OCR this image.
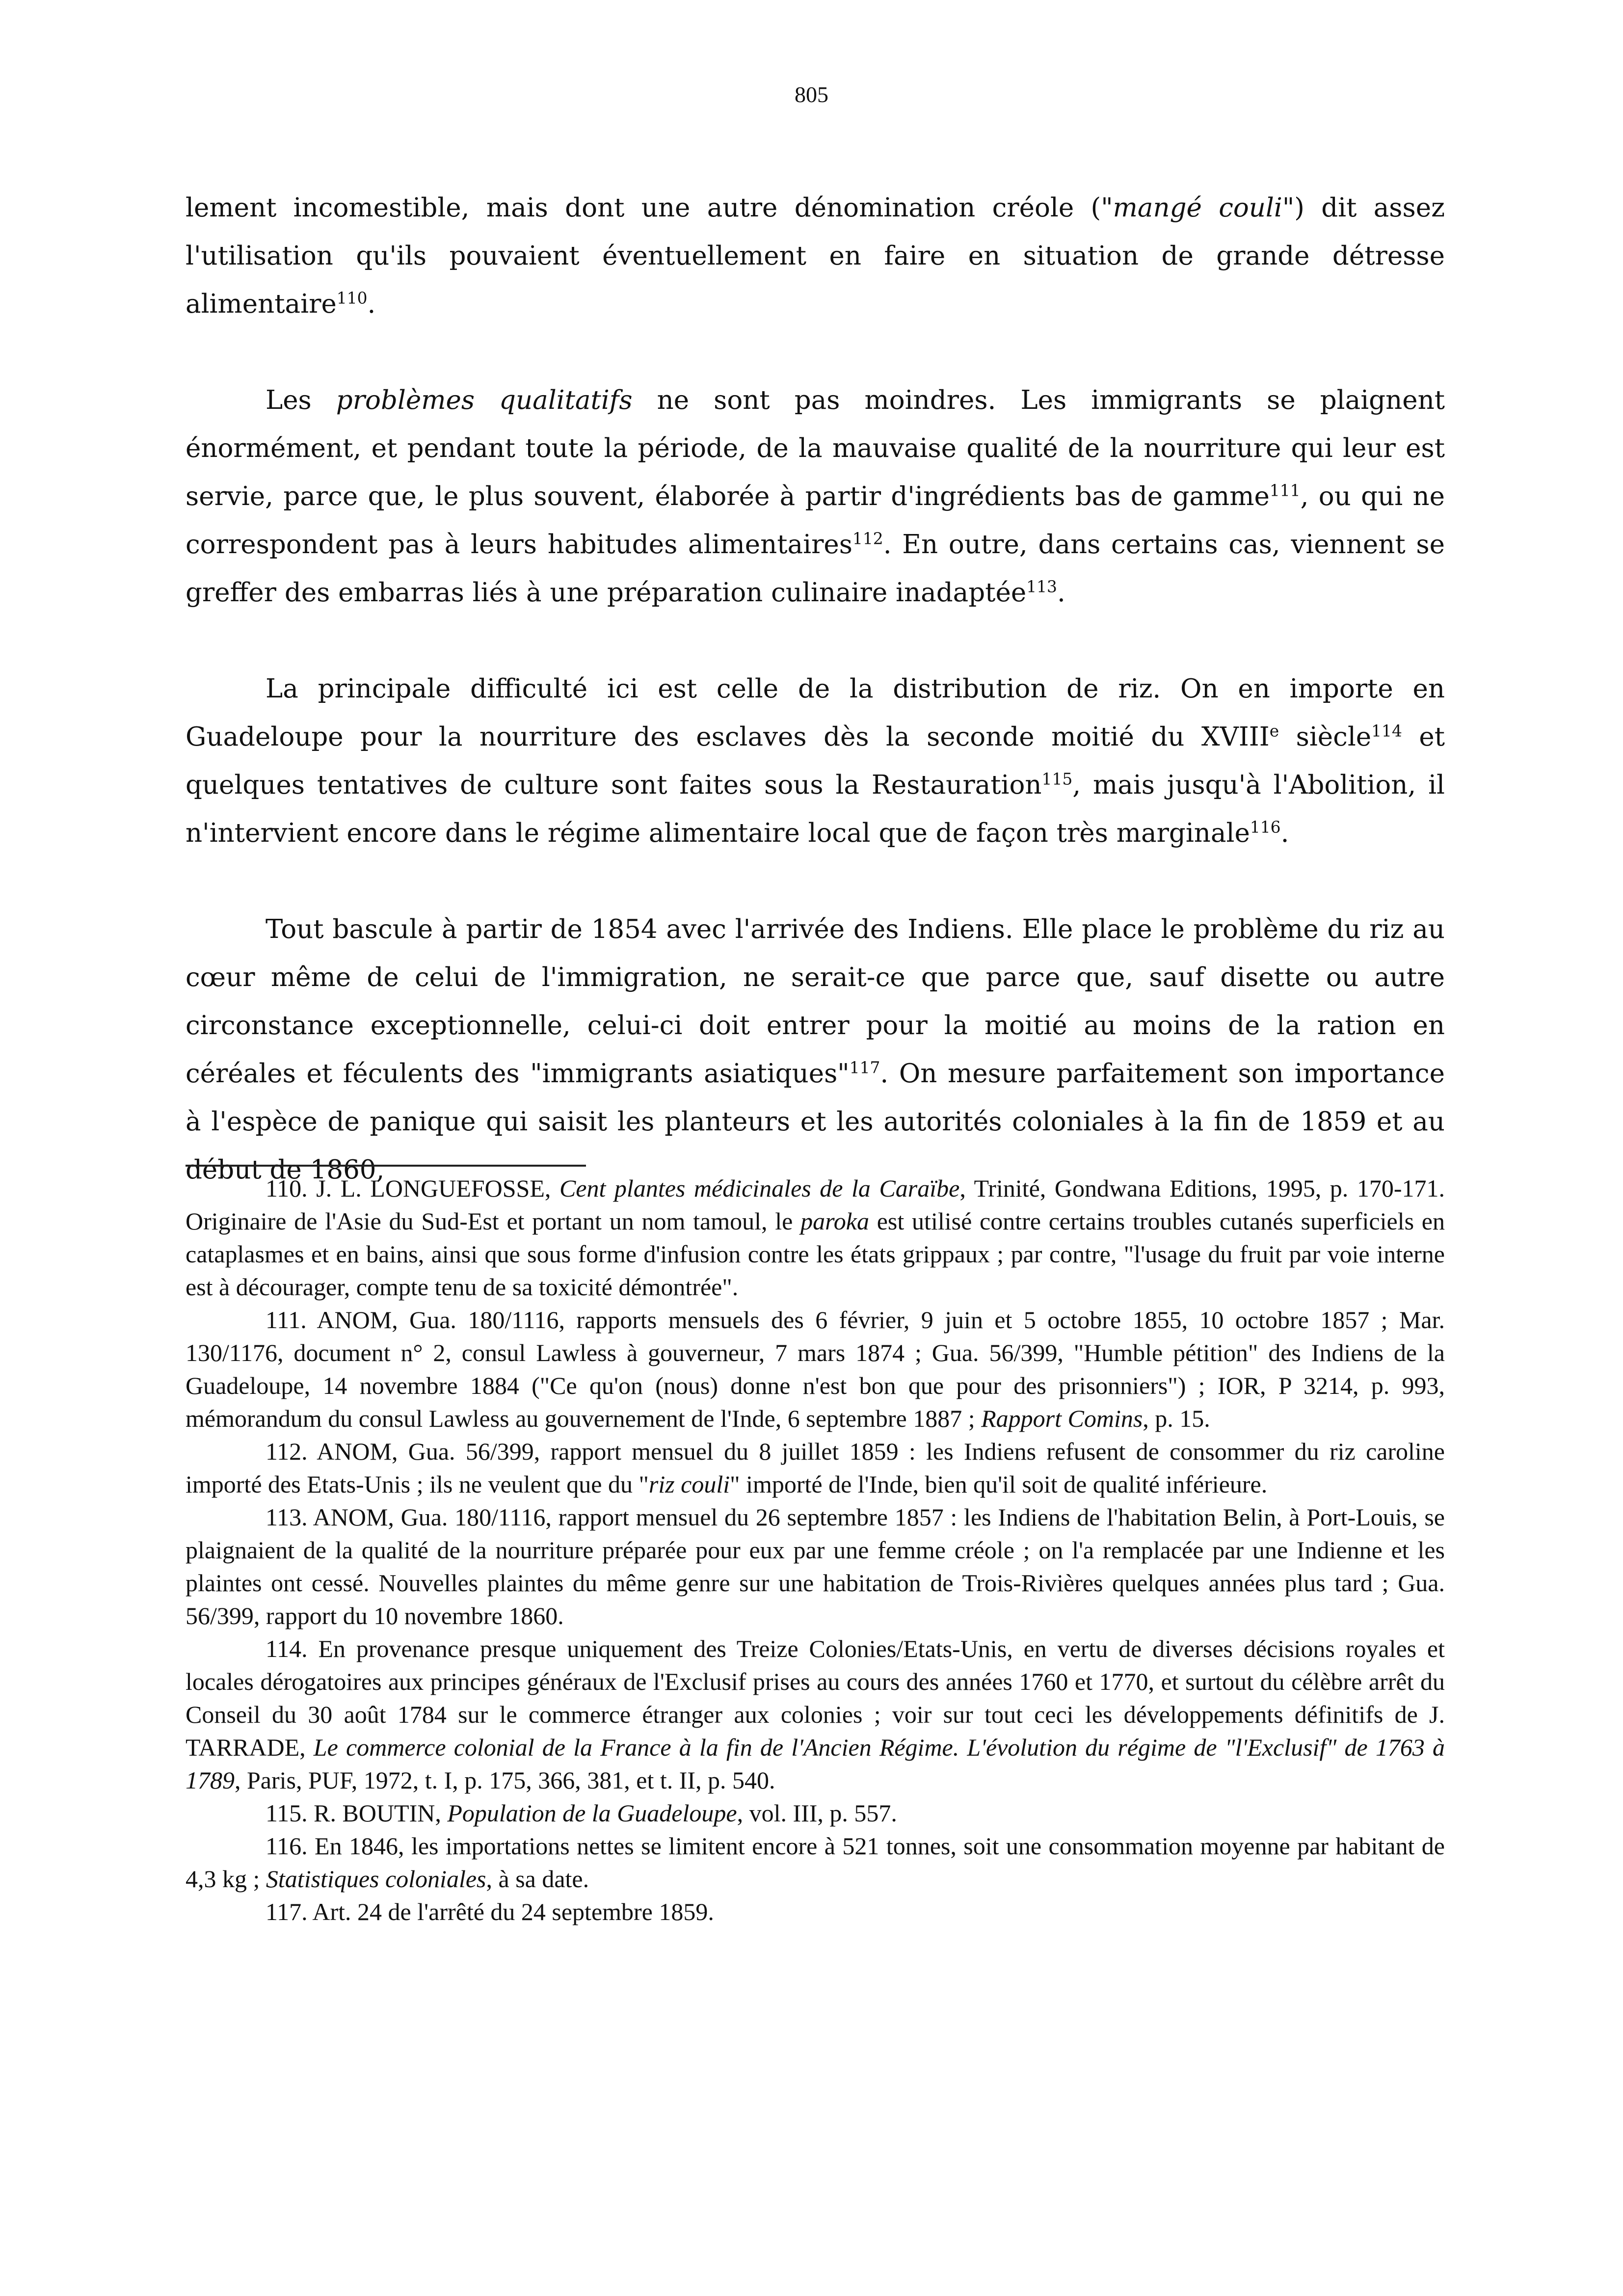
805

lement incomestible, mais dont une autre dénomination créole ("mangé couli") dit assez l'utilisation qu'ils pouvaient éventuellement en faire en situation de grande détresse alimentaire$^{110}$.

Les problèmes qualitatifs ne sont pas moindres. Les immigrants se plaignent énormément, et pendant toute la période, de la mauvaise qualité de la nourriture qui leur est servie, parce que, le plus souvent, élaborée à partir d'ingrédients bas de gamme$^{111}$, ou qui ne correspondent pas à leurs habitudes alimentaires$^{112}$. En outre, dans certains cas, viennent se greffer des embarras liés à une préparation culinaire inadaptée$^{113}$.

La principale difficulté ici est celle de la distribution de riz. On en importe en Guadeloupe pour la nourriture des esclaves dès la seconde moitié du XVIIIe siècle$^{114}$ et quelques tentatives de culture sont faites sous la Restauration$^{115}$, mais jusqu'à l'Abolition, il n'intervient encore dans le régime alimentaire local que de façon très marginale$^{116}$.

Tout bascule à partir de 1854 avec l'arrivée des Indiens. Elle place le problème du riz au cœur même de celui de l'immigration, ne serait-ce que parce que, sauf disette ou autre circonstance exceptionnelle, celui-ci doit entrer pour la moitié au moins de la ration en céréales et féculents des "immigrants asiatiques"$^{117}$. On mesure parfaitement son importance à l'espèce de panique qui saisit les planteurs et les autorités coloniales à la fin de 1859 et au début de 1860,

110. J. L. LONGUEFOSSE, Cent plantes médicinales de la Caraïbe, Trinité, Gondwana Editions, 1995, p. 170-171. Originaire de l'Asie du Sud-Est et portant un nom tamoul, le paroka est utilisé contre certains troubles cutanés superficiels en cataplasmes et en bains, ainsi que sous forme d'infusion contre les états grippaux ; par contre, "l'usage du fruit par voie interne est à décourager, compte tenu de sa toxicité démontrée".

111. ANOM, Gua. 180/1116, rapports mensuels des 6 février, 9 juin et 5 octobre 1855, 10 octobre 1857 ; Mar. 130/1176, document n° 2, consul Lawless à gouverneur, 7 mars 1874 ; Gua. 56/399, "Humble pétition" des Indiens de la Guadeloupe, 14 novembre 1884 ("Ce qu'on (nous) donne n'est bon que pour des prisonniers") ; IOR, P 3214, p. 993, mémorandum du consul Lawless au gouvernement de l'Inde, 6 septembre 1887 ; Rapport Comins, p. 15.

112. ANOM, Gua. 56/399, rapport mensuel du 8 juillet 1859 : les Indiens refusent de consommer du riz caroline importé des Etats-Unis ; ils ne veulent que du "riz couli" importé de l'Inde, bien qu'il soit de qualité inférieure.

113. ANOM, Gua. 180/1116, rapport mensuel du 26 septembre 1857 : les Indiens de l'habitation Belin, à Port-Louis, se plaignaient de la qualité de la nourriture préparée pour eux par une femme créole ; on l'a remplacée par une Indienne et les plaintes ont cessé. Nouvelles plaintes du même genre sur une habitation de Trois-Rivières quelques années plus tard ; Gua. 56/399, rapport du 10 novembre 1860.

114. En provenance presque uniquement des Treize Colonies/Etats-Unis, en vertu de diverses décisions royales et locales dérogatoires aux principes généraux de l'Exclusif prises au cours des années 1760 et 1770, et surtout du célèbre arrêt du Conseil du 30 août 1784 sur le commerce étranger aux colonies ; voir sur tout ceci les développements définitifs de J. TARRADE, Le commerce colonial de la France à la fin de l'Ancien Régime. L'évolution du régime de "l'Exclusif" de 1763 à 1789, Paris, PUF, 1972, t. I, p. 175, 366, 381, et t. II, p. 540.

115. R. BOUTIN, Population de la Guadeloupe, vol. III, p. 557.

116. En 1846, les importations nettes se limitent encore à 521 tonnes, soit une consommation moyenne par habitant de 4,3 kg ; Statistiques coloniales, à sa date.

117. Art. 24 de l'arrêté du 24 septembre 1859.
